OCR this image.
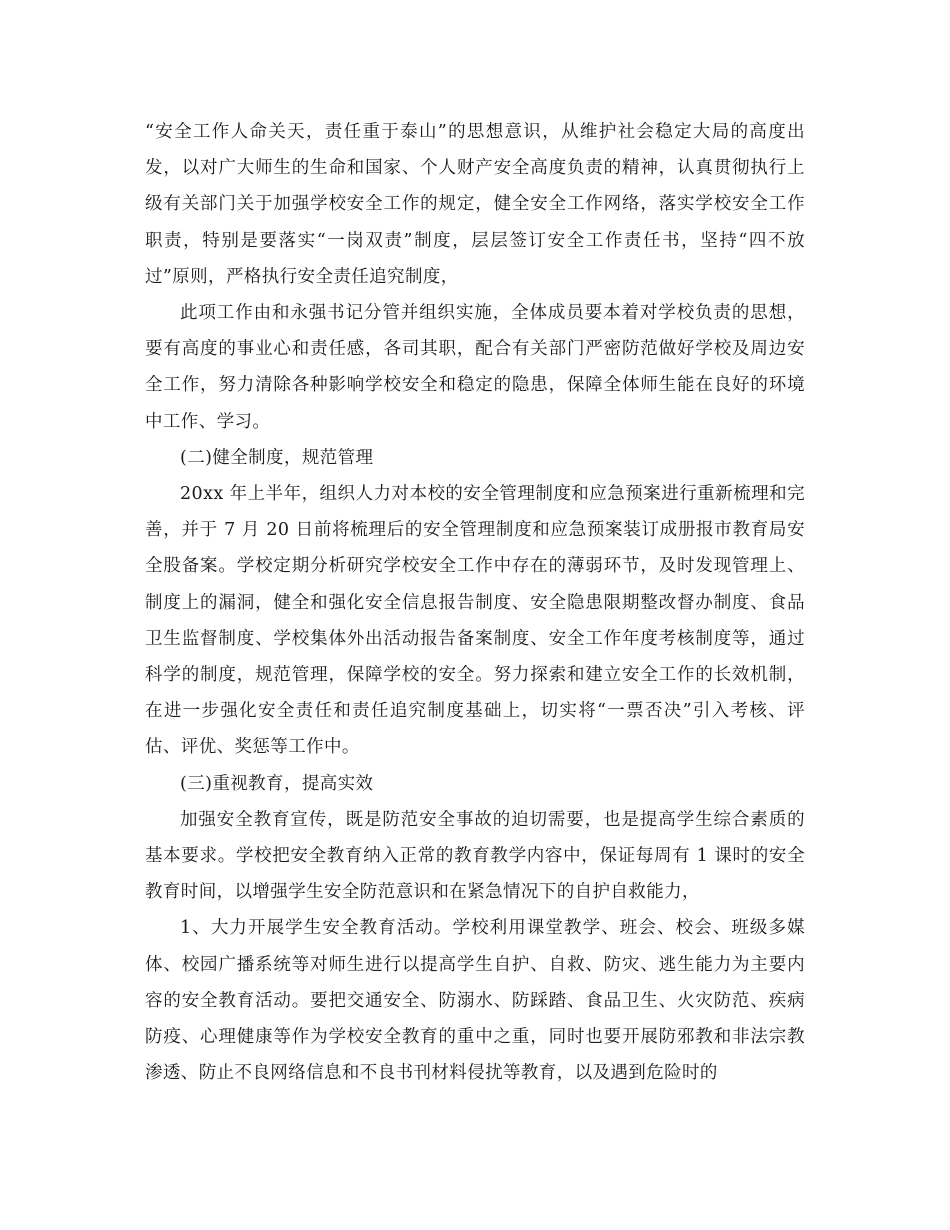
“安全工作人命关天，责任重于泰山”的思想意识，从维护社会稳定大局的高度出发，以对广大师生的生命和国家、个人财产安全高度负责的精神，认真贯彻执行上级有关部门关于加强学校安全工作的规定，健全安全工作网络，落实学校安全工作职责，特别是要落实“一岗双责”制度，层层签订安全工作责任书，坚持“四不放过”原则，严格执行安全责任追究制度，

此项工作由和永强书记分管并组织实施，全体成员要本着对学校负责的思想，要有高度的事业心和责任感，各司其职，配合有关部门严密防范做好学校及周边安全工作，努力清除各种影响学校安全和稳定的隐患，保障全体师生能在良好的环境中工作、学习。

(二)健全制度，规范管理

20xx 年上半年，组织人力对本校的安全管理制度和应急预案进行重新梳理和完善，并于 7 月 20 日前将梳理后的安全管理制度和应急预案装订成册报市教育局安全股备案。学校定期分析研究学校安全工作中存在的薄弱环节，及时发现管理上、制度上的漏洞，健全和强化安全信息报告制度、安全隐患限期整改督办制度、食品卫生监督制度、学校集体外出活动报告备案制度、安全工作年度考核制度等，通过科学的制度，规范管理，保障学校的安全。努力探索和建立安全工作的长效机制，在进一步强化安全责任和责任追究制度基础上，切实将“一票否决”引入考核、评估、评优、奖惩等工作中。

(三)重视教育，提高实效

加强安全教育宣传，既是防范安全事故的迫切需要，也是提高学生综合素质的基本要求。学校把安全教育纳入正常的教育教学内容中，保证每周有 1 课时的安全教育时间，以增强学生安全防范意识和在紧急情况下的自护自救能力，

1、大力开展学生安全教育活动。学校利用课堂教学、班会、校会、班级多媒体、校园广播系统等对师生进行以提高学生自护、自救、防灾、逃生能力为主要内容的安全教育活动。要把交通安全、防溺水、防踩踏、食品卫生、火灾防范、疾病防疫、心理健康等作为学校安全教育的重中之重，同时也要开展防邪教和非法宗教渗透、防止不良网络信息和不良书刊材料侵扰等教育，以及遇到危险时的
